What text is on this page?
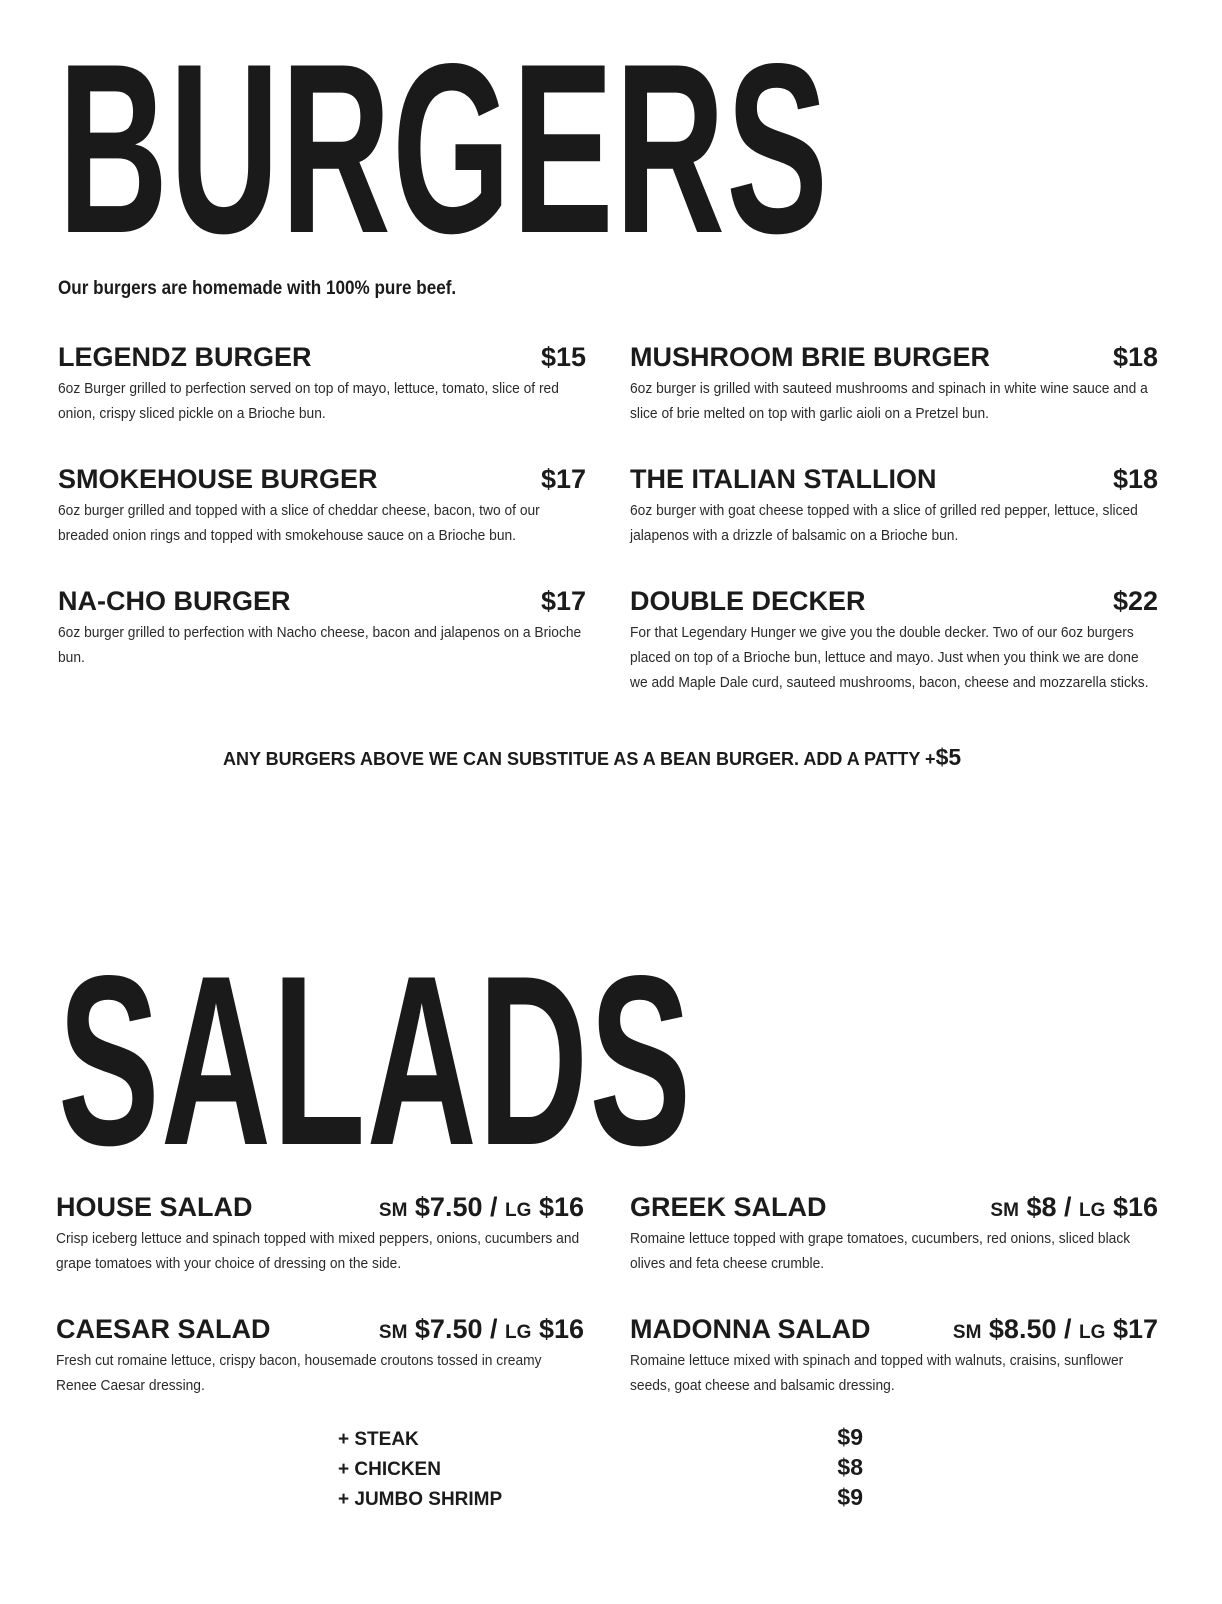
BURGERS
Our burgers are homemade with 100% pure beef.
LEGENDZ BURGER	$15
6oz Burger grilled to perfection served on top of mayo, lettuce, tomato, slice of red onion, crispy sliced pickle on a Brioche bun.
MUSHROOM BRIE BURGER	$18
6oz burger is grilled with sauteed mushrooms and spinach in white wine sauce and a slice of brie melted on top with garlic aioli on a Pretzel bun.
SMOKEHOUSE BURGER	$17
6oz burger grilled and topped with a slice of cheddar cheese, bacon, two of our breaded onion rings and topped with smokehouse sauce on a Brioche bun.
THE ITALIAN STALLION	$18
6oz burger with goat cheese topped with a slice of grilled red pepper, lettuce, sliced jalapenos with a drizzle of balsamic on a Brioche bun.
NA-CHO BURGER	$17
6oz burger grilled to perfection with Nacho cheese, bacon and jalapenos on a Brioche bun.
DOUBLE DECKER	$22
For that Legendary Hunger we give you the double decker. Two of our 6oz burgers placed on top of a Brioche bun, lettuce and mayo. Just when you think we are done we add Maple Dale curd, sauteed mushrooms, bacon, cheese and mozzarella sticks.
ANY BURGERS ABOVE WE CAN SUBSTITUE AS A BEAN BURGER. ADD A PATTY +$5
SALADS
HOUSE SALAD	SM $7.50 / LG $16
Crisp iceberg lettuce and spinach topped with mixed peppers, onions, cucumbers and grape tomatoes with your choice of dressing on the side.
GREEK SALAD	SM $8 / LG $16
Romaine lettuce topped with grape tomatoes, cucumbers, red onions, sliced black olives and feta cheese crumble.
CAESAR SALAD	SM $7.50 / LG $16
Fresh cut romaine lettuce, crispy bacon, housemade croutons tossed in creamy Renee Caesar dressing.
MADONNA SALAD	SM $8.50 / LG $17
Romaine lettuce mixed with spinach and topped with walnuts, craisins, sunflower seeds, goat cheese and balsamic dressing.
+ STEAK	$9
+ CHICKEN	$8
+ JUMBO SHRIMP	$9
